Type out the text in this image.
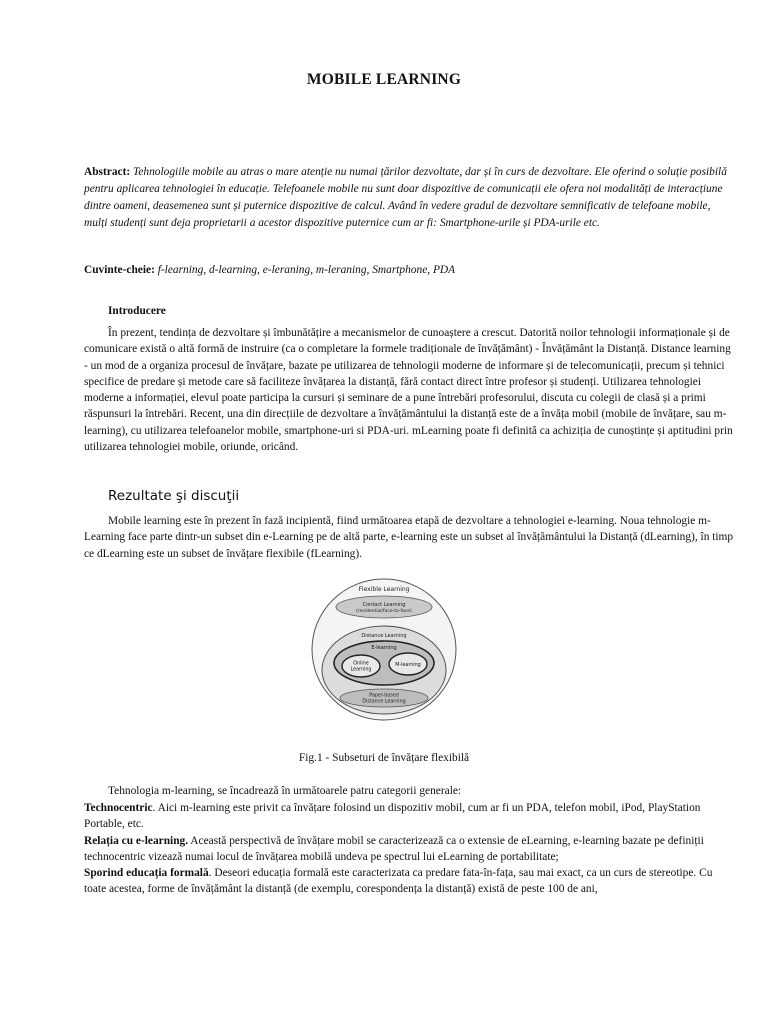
MOBILE LEARNING
Abstract: Tehnologiile mobile au atras o mare atenție nu numai țărilor dezvoltate, dar și în curs de dezvoltare. Ele oferind o soluție posibilă pentru aplicarea tehnologiei în educație. Telefoanele mobile nu sunt doar dispozitive de comunicații ele ofera noi modalități de interacțiune dintre oameni, deasemenea sunt și puternice dispozitive de calcul. Având în vedere gradul de dezvoltare semnificativ de telefoane mobile, mulți studenți sunt deja proprietarii a acestor dispozitive puternice cum ar fi: Smartphone-urile și PDA-urile etc.
Cuvinte-cheie: f-learning, d-learning, e-leraning, m-leraning, Smartphone, PDA
Introducere
În prezent, tendința de dezvoltare și îmbunătățire a mecanismelor de cunoaștere a crescut. Datorită noilor tehnologii informaționale și de comunicare există o altă formă de instruire (ca o completare la formele tradiționale de învățământ) - Învățământ la Distanță. Distance learning - un mod de a organiza procesul de învățare, bazate pe utilizarea de tehnologii moderne de informare și de telecomunicații, precum și tehnici specifice de predare și metode care să faciliteze învățarea la distanță, fără contact direct între profesor și studenți. Utilizarea tehnologiei moderne a informației, elevul poate participa la cursuri și seminare de a pune întrebări profesorului, discuta cu colegii de clasă și a primi răspunsuri la întrebări. Recent, una din direcțiile de dezvoltare a învățământului la distanță este de a învăța mobil (mobile de învățare, sau m-learning), cu utilizarea telefoanelor mobile, smartphone-uri si PDA-uri. mLearning poate fi definită ca achiziția de cunoștințe și aptitudini prin utilizarea tehnologiei mobile, oriunde, oricând.
Rezultate şi discuţii
Mobile learning este în prezent în fază incipientă, fiind următoarea etapă de dezvoltare a tehnologiei e-learning. Noua tehnologie m-Learning face parte dintr-un subset din e-Learning pe de altă parte, e-learning este un subset al învățământului la Distanță (dLearning), în timp ce dLearning este un subset de învățare flexibile (fLearning).
Flexible Learning
Contact Learning
(residential/face-to-face)
Distance Learning
E-learning
Online
Learning
M-learning
Paper-based
Distance Learning
Fig.1 - Subseturi de învățare flexibilă
Tehnologia m-learning, se încadrează în următoarele patru categorii generale:

Technocentric. Aici m-learning este privit ca învățare folosind un dispozitiv mobil, cum ar fi un PDA, telefon mobil, iPod, PlayStation Portable, etc.

Relația cu e-learning. Această perspectivă de învățare mobil se caracterizează ca o extensie de eLearning, e-learning bazate pe definiții technocentric vizează numai locul de învățarea mobilă undeva pe spectrul lui eLearning de portabilitate;

Sporind educația formală. Deseori educația formală este caracterizata ca predare fata-în-fața, sau mai exact, ca un curs de stereotipe. Cu toate acestea, forme de învățământ la distanță (de exemplu, corespondența la distanță) există de peste 100 de ani,
